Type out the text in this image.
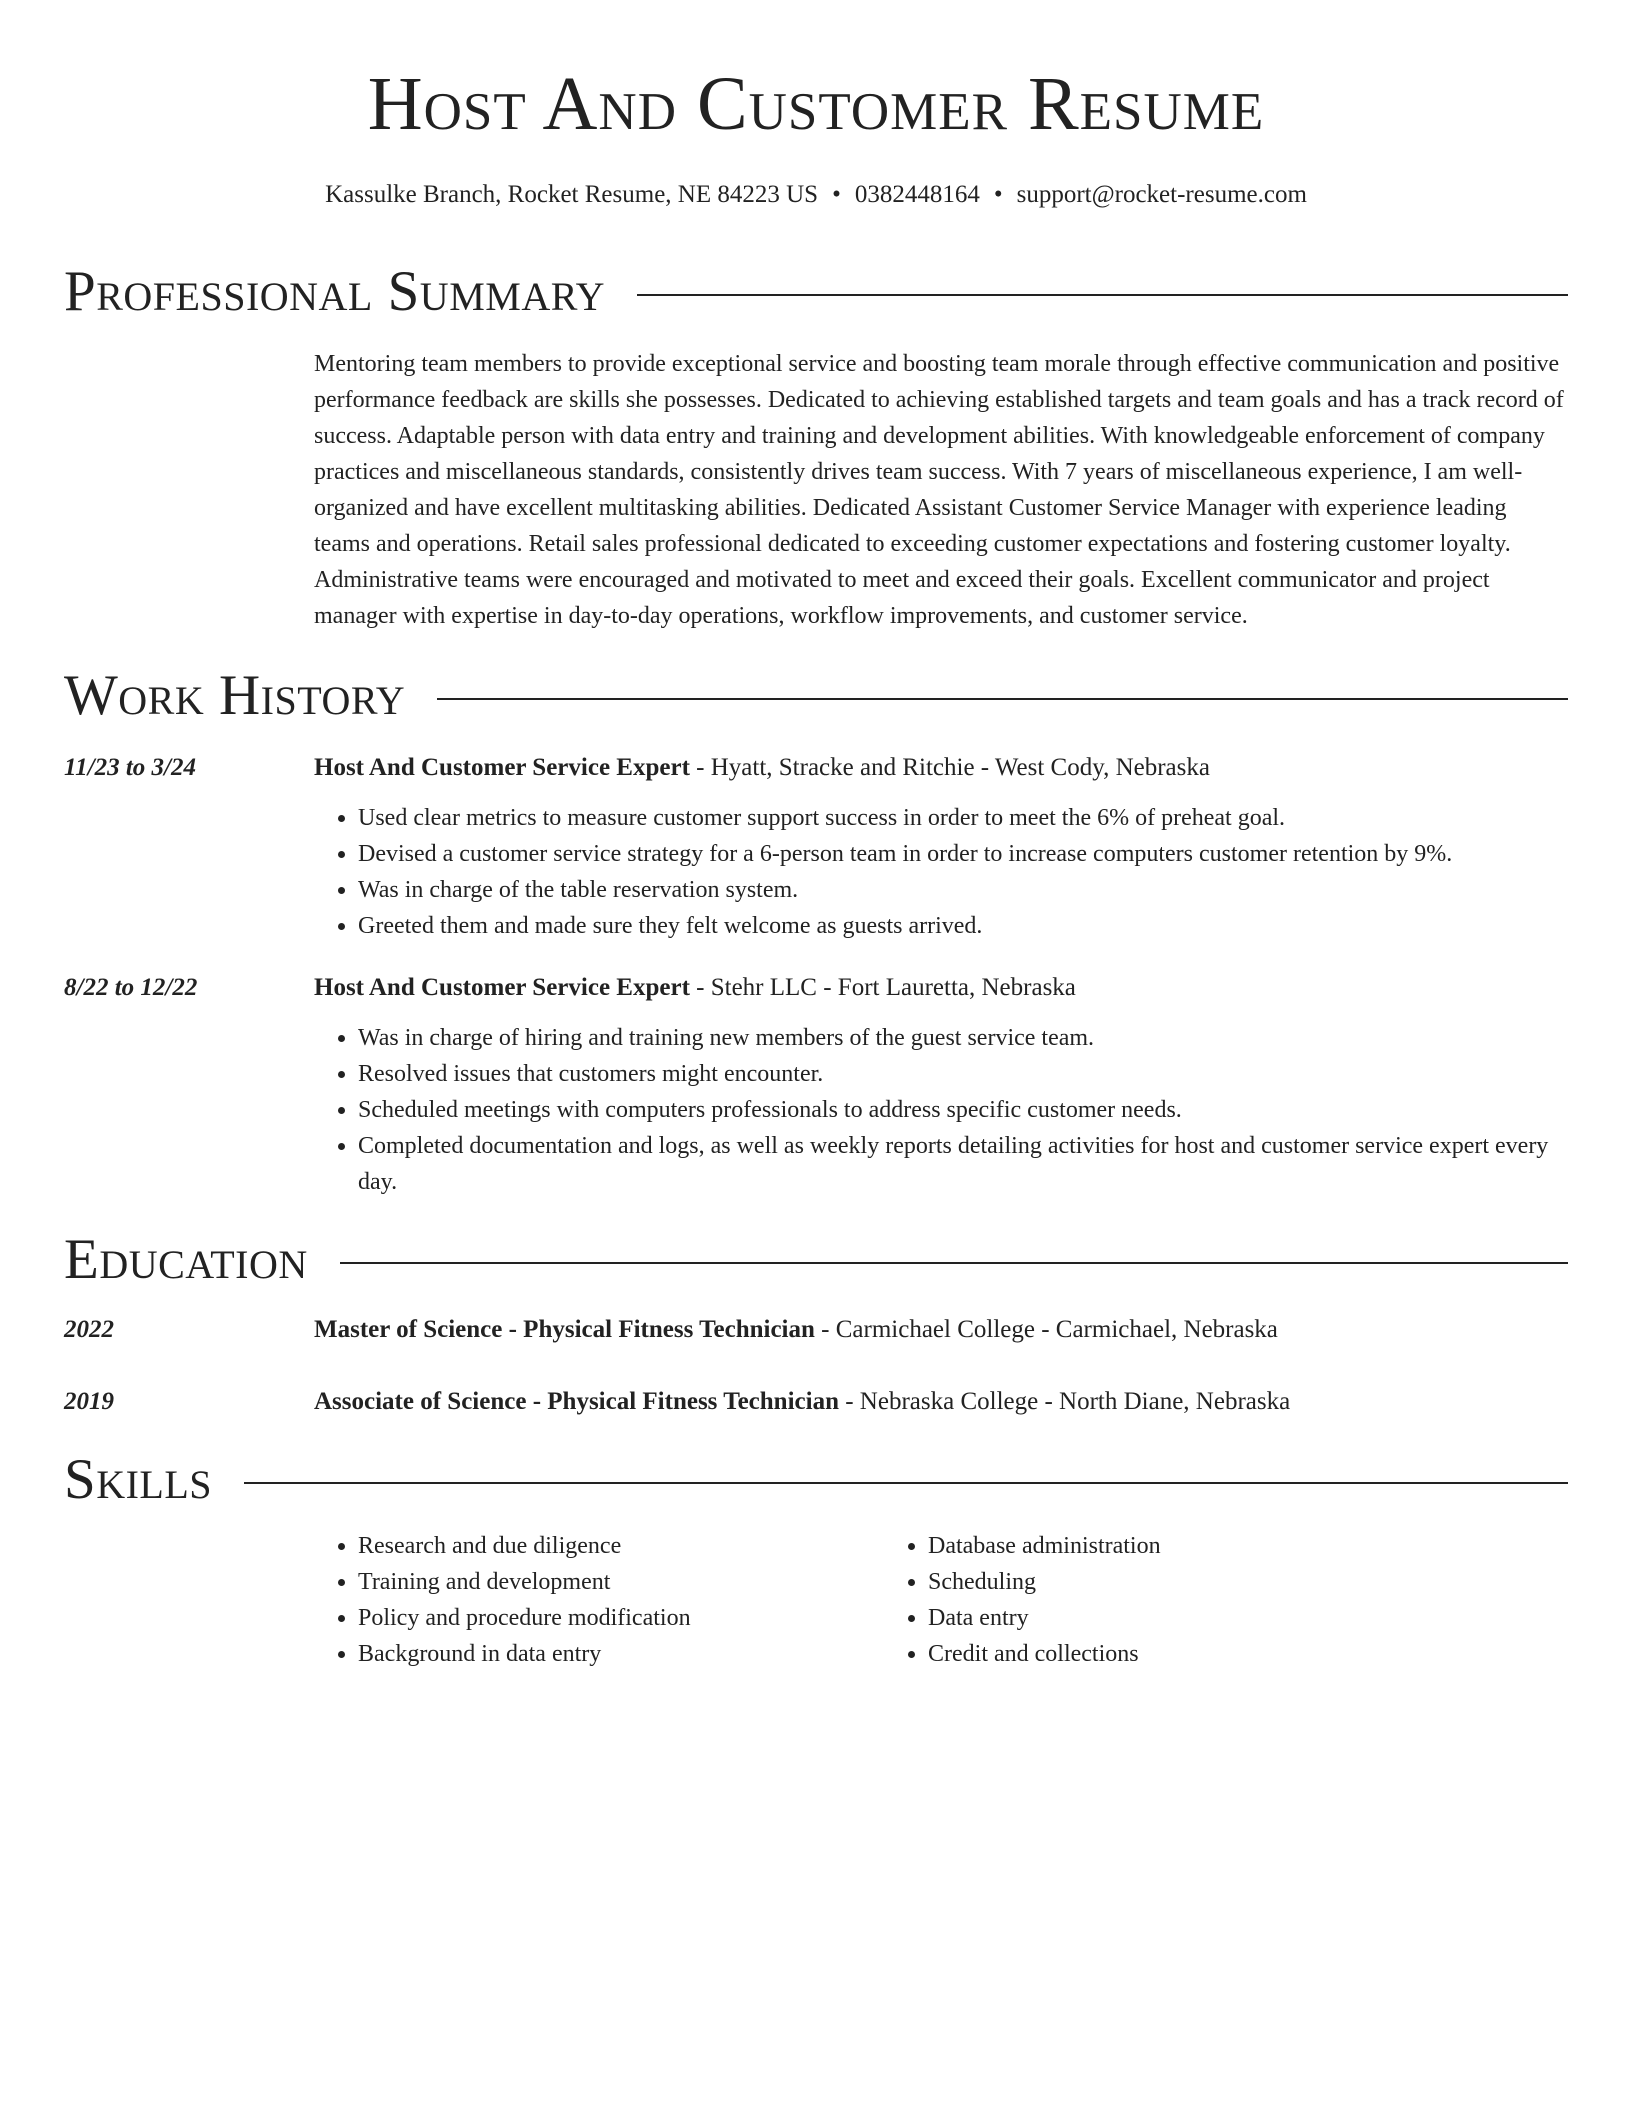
Host And Customer Resume
Kassulke Branch, Rocket Resume, NE 84223 US • 0382448164 • support@rocket-resume.com
Professional Summary
Mentoring team members to provide exceptional service and boosting team morale through effective communication and positive performance feedback are skills she possesses. Dedicated to achieving established targets and team goals and has a track record of success. Adaptable person with data entry and training and development abilities. With knowledgeable enforcement of company practices and miscellaneous standards, consistently drives team success. With 7 years of miscellaneous experience, I am well-organized and have excellent multitasking abilities. Dedicated Assistant Customer Service Manager with experience leading teams and operations. Retail sales professional dedicated to exceeding customer expectations and fostering customer loyalty. Administrative teams were encouraged and motivated to meet and exceed their goals. Excellent communicator and project manager with expertise in day-to-day operations, workflow improvements, and customer service.
Work History
11/23 to 3/24	Host And Customer Service Expert - Hyatt, Stracke and Ritchie - West Cody, Nebraska
• Used clear metrics to measure customer support success in order to meet the 6% of preheat goal.
• Devised a customer service strategy for a 6-person team in order to increase computers customer retention by 9%.
• Was in charge of the table reservation system.
• Greeted them and made sure they felt welcome as guests arrived.
8/22 to 12/22	Host And Customer Service Expert - Stehr LLC - Fort Lauretta, Nebraska
• Was in charge of hiring and training new members of the guest service team.
• Resolved issues that customers might encounter.
• Scheduled meetings with computers professionals to address specific customer needs.
• Completed documentation and logs, as well as weekly reports detailing activities for host and customer service expert every day.
Education
2022	Master of Science - Physical Fitness Technician - Carmichael College - Carmichael, Nebraska
2019	Associate of Science - Physical Fitness Technician - Nebraska College - North Diane, Nebraska
Skills
• Research and due diligence
• Training and development
• Policy and procedure modification
• Background in data entry
• Database administration
• Scheduling
• Data entry
• Credit and collections
